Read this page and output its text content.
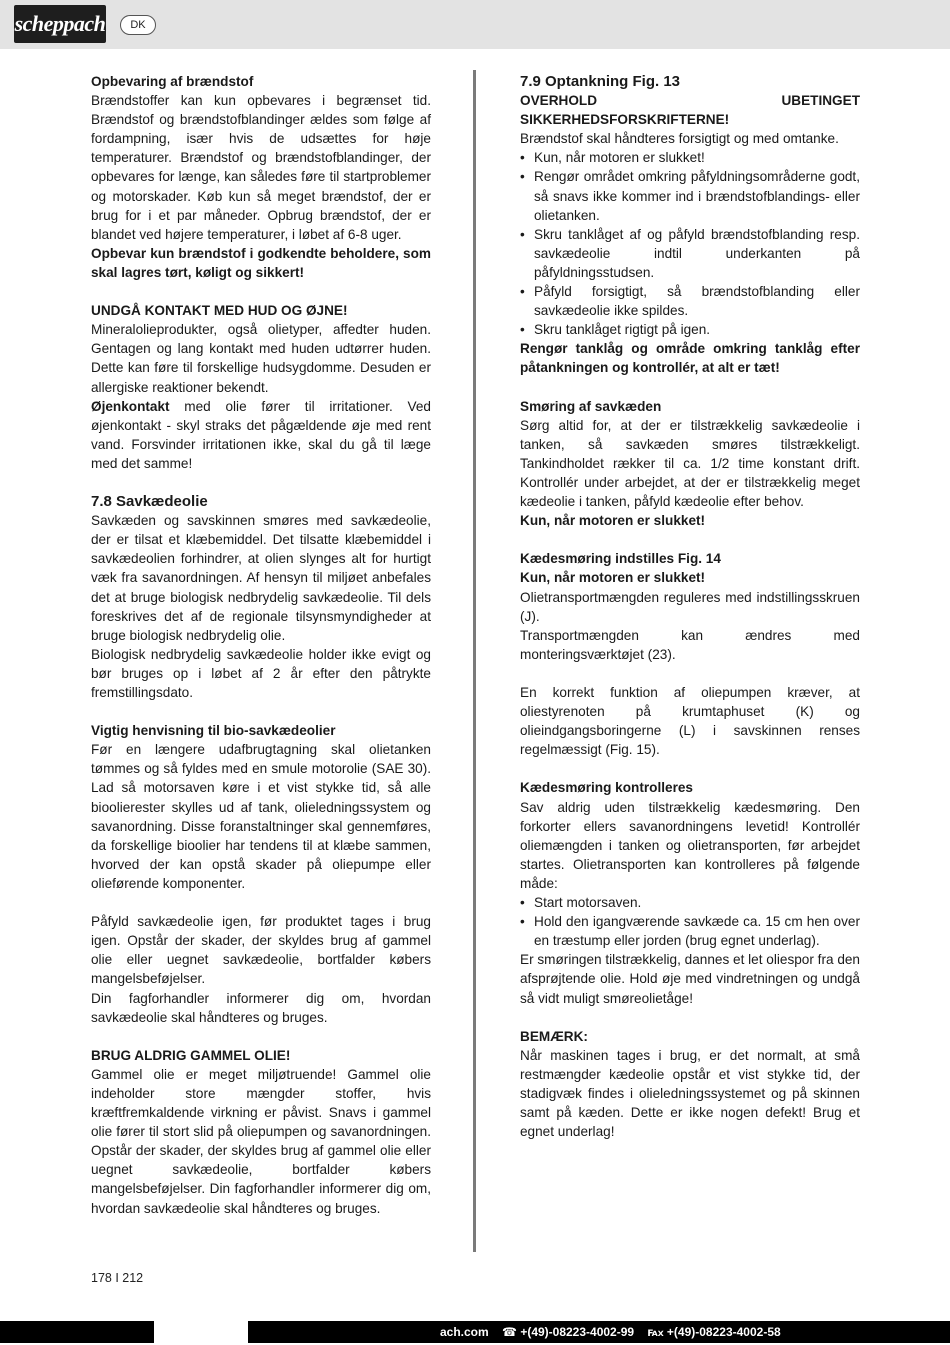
scheppach	DK

Opbevaring af brændstof

Brændstoffer kan kun opbevares i begrænset tid. Brændstof og brændstofblandinger ældes som følge af fordampning, især hvis de udsættes for høje temperaturer. Brændstof og brændstofblandinger, der opbevares for længe, kan således føre til startproblemer og motorskader. Køb kun så meget brændstof, der er brug for i et par måneder. Opbrug brændstof, der er blandet ved højere temperaturer, i løbet af 6-8 uger.

Opbevar kun brændstof i godkendte beholdere, som skal lagres tørt, køligt og sikkert!

UNDGÅ KONTAKT MED HUD OG ØJNE!

Mineralolieprodukter, også olietyper, affedter huden. Gentagen og lang kontakt med huden udtørrer huden. Dette kan føre til forskellige hudsygdomme. Desuden er allergiske reaktioner bekendt.

Øjenkontakt med olie fører til irritationer. Ved øjenkontakt - skyl straks det pågældende øje med rent vand. Forsvinder irritationen ikke, skal du gå til læge med det samme!

7.8 Savkædeolie

Savkæden og savskinnen smøres med savkædeolie, der er tilsat et klæbemiddel. Det tilsatte klæbemiddel i savkædeolien forhindrer, at olien slynges alt for hurtigt væk fra savanordningen. Af hensyn til miljøet anbefales det at bruge biologisk nedbrydelig savkædeolie. Til dels foreskrives det af de regionale tilsynsmyndigheder at bruge biologisk nedbrydelig olie.

Biologisk nedbrydelig savkædeolie holder ikke evigt og bør bruges op i løbet af 2 år efter den påtrykte fremstillingsdato.

Vigtig henvisning til bio-savkædeolier

Før en længere udafbrugtagning skal olietanken tømmes og så fyldes med en smule motorolie (SAE 30). Lad så motorsaven køre i et vist stykke tid, så alle bioolierester skylles ud af tank, olieledningssystem og savanordning. Disse foranstaltninger skal gennemføres, da forskellige bioolier har tendens til at klæbe sammen, hvorved der kan opstå skader på oliepumpe eller olieførende komponenter.

Påfyld savkædeolie igen, før produktet tages i brug igen. Opstår der skader, der skyldes brug af gammel olie eller uegnet savkædeolie, bortfalder købers mangelsbeføjelser.

Din fagforhandler informerer dig om, hvordan savkædeolie skal håndteres og bruges.

BRUG ALDRIG GAMMEL OLIE!

Gammel olie er meget miljøtruende! Gammel olie indeholder store mængder stoffer, hvis kræftfremkaldende virkning er påvist. Snavs i gammel olie fører til stort slid på oliepumpen og savanordningen. Opstår der skader, der skyldes brug af gammel olie eller uegnet savkædeolie, bortfalder købers mangelsbeføjelser. Din fagforhandler informerer dig om, hvordan savkædeolie skal håndteres og bruges.

7.9 Optankning Fig. 13

OVERHOLD UBETINGET SIKKERHEDSFORSKRIFTERNE!

Brændstof skal håndteres forsigtigt og med omtanke.

• Kun, når motoren er slukket!
• Rengør området omkring påfyldningsområderne godt, så snavs ikke kommer ind i brændstofblandings- eller olietanken.
• Skru tanklåget af og påfyld brændstofblanding resp. savkædeolie indtil underkanten på påfyldningsstudsen.
• Påfyld forsigtigt, så brændstofblanding eller savkædeolie ikke spildes.
• Skru tanklåget rigtigt på igen.

Rengør tanklåg og område omkring tanklåg efter påtankningen og kontrollér, at alt er tæt!

Smøring af savkæden

Sørg altid for, at der er tilstrækkelig savkædeolie i tanken, så savkæden smøres tilstrækkeligt. Tankindholdet rækker til ca. 1/2 time konstant drift. Kontrollér under arbejdet, at der er tilstrækkelig meget kædeolie i tanken, påfyld kædeolie efter behov.

Kun, når motoren er slukket!

Kædesmøring indstilles Fig. 14

Kun, når motoren er slukket!

Olietransportmængden reguleres med indstillingsskruen (J).

Transportmængden kan ændres med monteringsværktøjet (23).

En korrekt funktion af oliepumpen kræver, at oliestyrenoten på krumtaphuset (K) og olieindgangsboringerne (L) i savskinnen renses regelmæssigt (Fig. 15).

Kædesmøring kontrolleres

Sav aldrig uden tilstrækkelig kædesmøring. Den forkorter ellers savanordningens levetid! Kontrollér oliemængden i tanken og olietransporten, før arbejdet startes. Olietransporten kan kontrolleres på følgende måde:

• Start motorsaven.
• Hold den igangværende savkæde ca. 15 cm hen over en træstump eller jorden (brug egnet underlag).

Er smøringen tilstrækkelig, dannes et let oliespor fra den afsprøjtende olie. Hold øje med vindretningen og undgå så vidt muligt smøreolietåge!

BEMÆRK:

Når maskinen tages i brug, er det normalt, at små restmængder kædeolie opstår et vist stykke tid, der stadigvæk findes i olieledningssystemet og på skinnen samt på kæden. Dette er ikke nogen defekt! Brug et egnet underlag!

178 I 212
ach.com ☎ +(49)-08223-4002-99 ℻ +(49)-08223-4002-58
